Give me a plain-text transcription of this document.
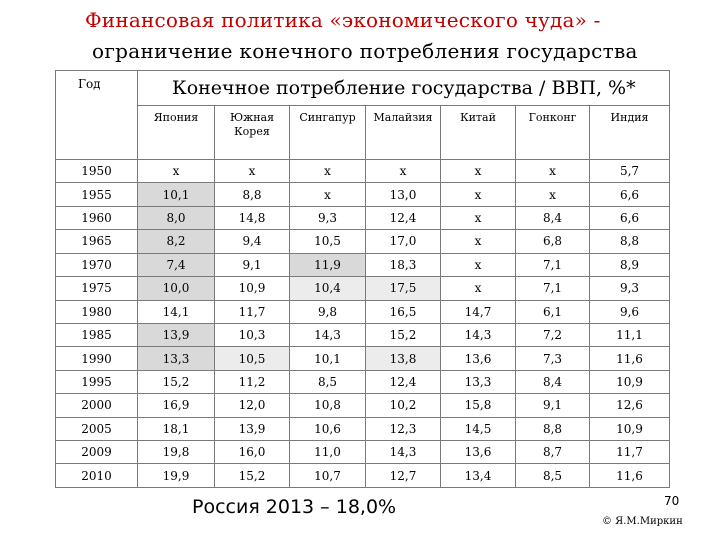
Финансовая политика «экономического чуда» -
ограничение конечного потребления государства
Год	Конечное потребление государства / ВВП, %*						
	Япония	Южная Корея	Сингапур	Малайзия	Китай	Гонконг	Индия
1950	x	x	x	x	x	x	5,7
1955	10,1	8,8	x	13,0	x	x	6,6
1960	8,0	14,8	9,3	12,4	x	8,4	6,6
1965	8,2	9,4	10,5	17,0	x	6,8	8,8
1970	7,4	9,1	11,9	18,3	x	7,1	8,9
1975	10,0	10,9	10,4	17,5	x	7,1	9,3
1980	14,1	11,7	9,8	16,5	14,7	6,1	9,6
1985	13,9	10,3	14,3	15,2	14,3	7,2	11,1
1990	13,3	10,5	10,1	13,8	13,6	7,3	11,6
1995	15,2	11,2	8,5	12,4	13,3	8,4	10,9
2000	16,9	12,0	10,8	10,2	15,8	9,1	12,6
2005	18,1	13,9	10,6	12,3	14,5	8,8	10,9
2009	19,8	16,0	11,0	14,3	13,6	8,7	11,7
2010	19,9	15,2	10,7	12,7	13,4	8,5	11,6
Россия 2013 – 18,0%	70
© Я.М.Миркин
